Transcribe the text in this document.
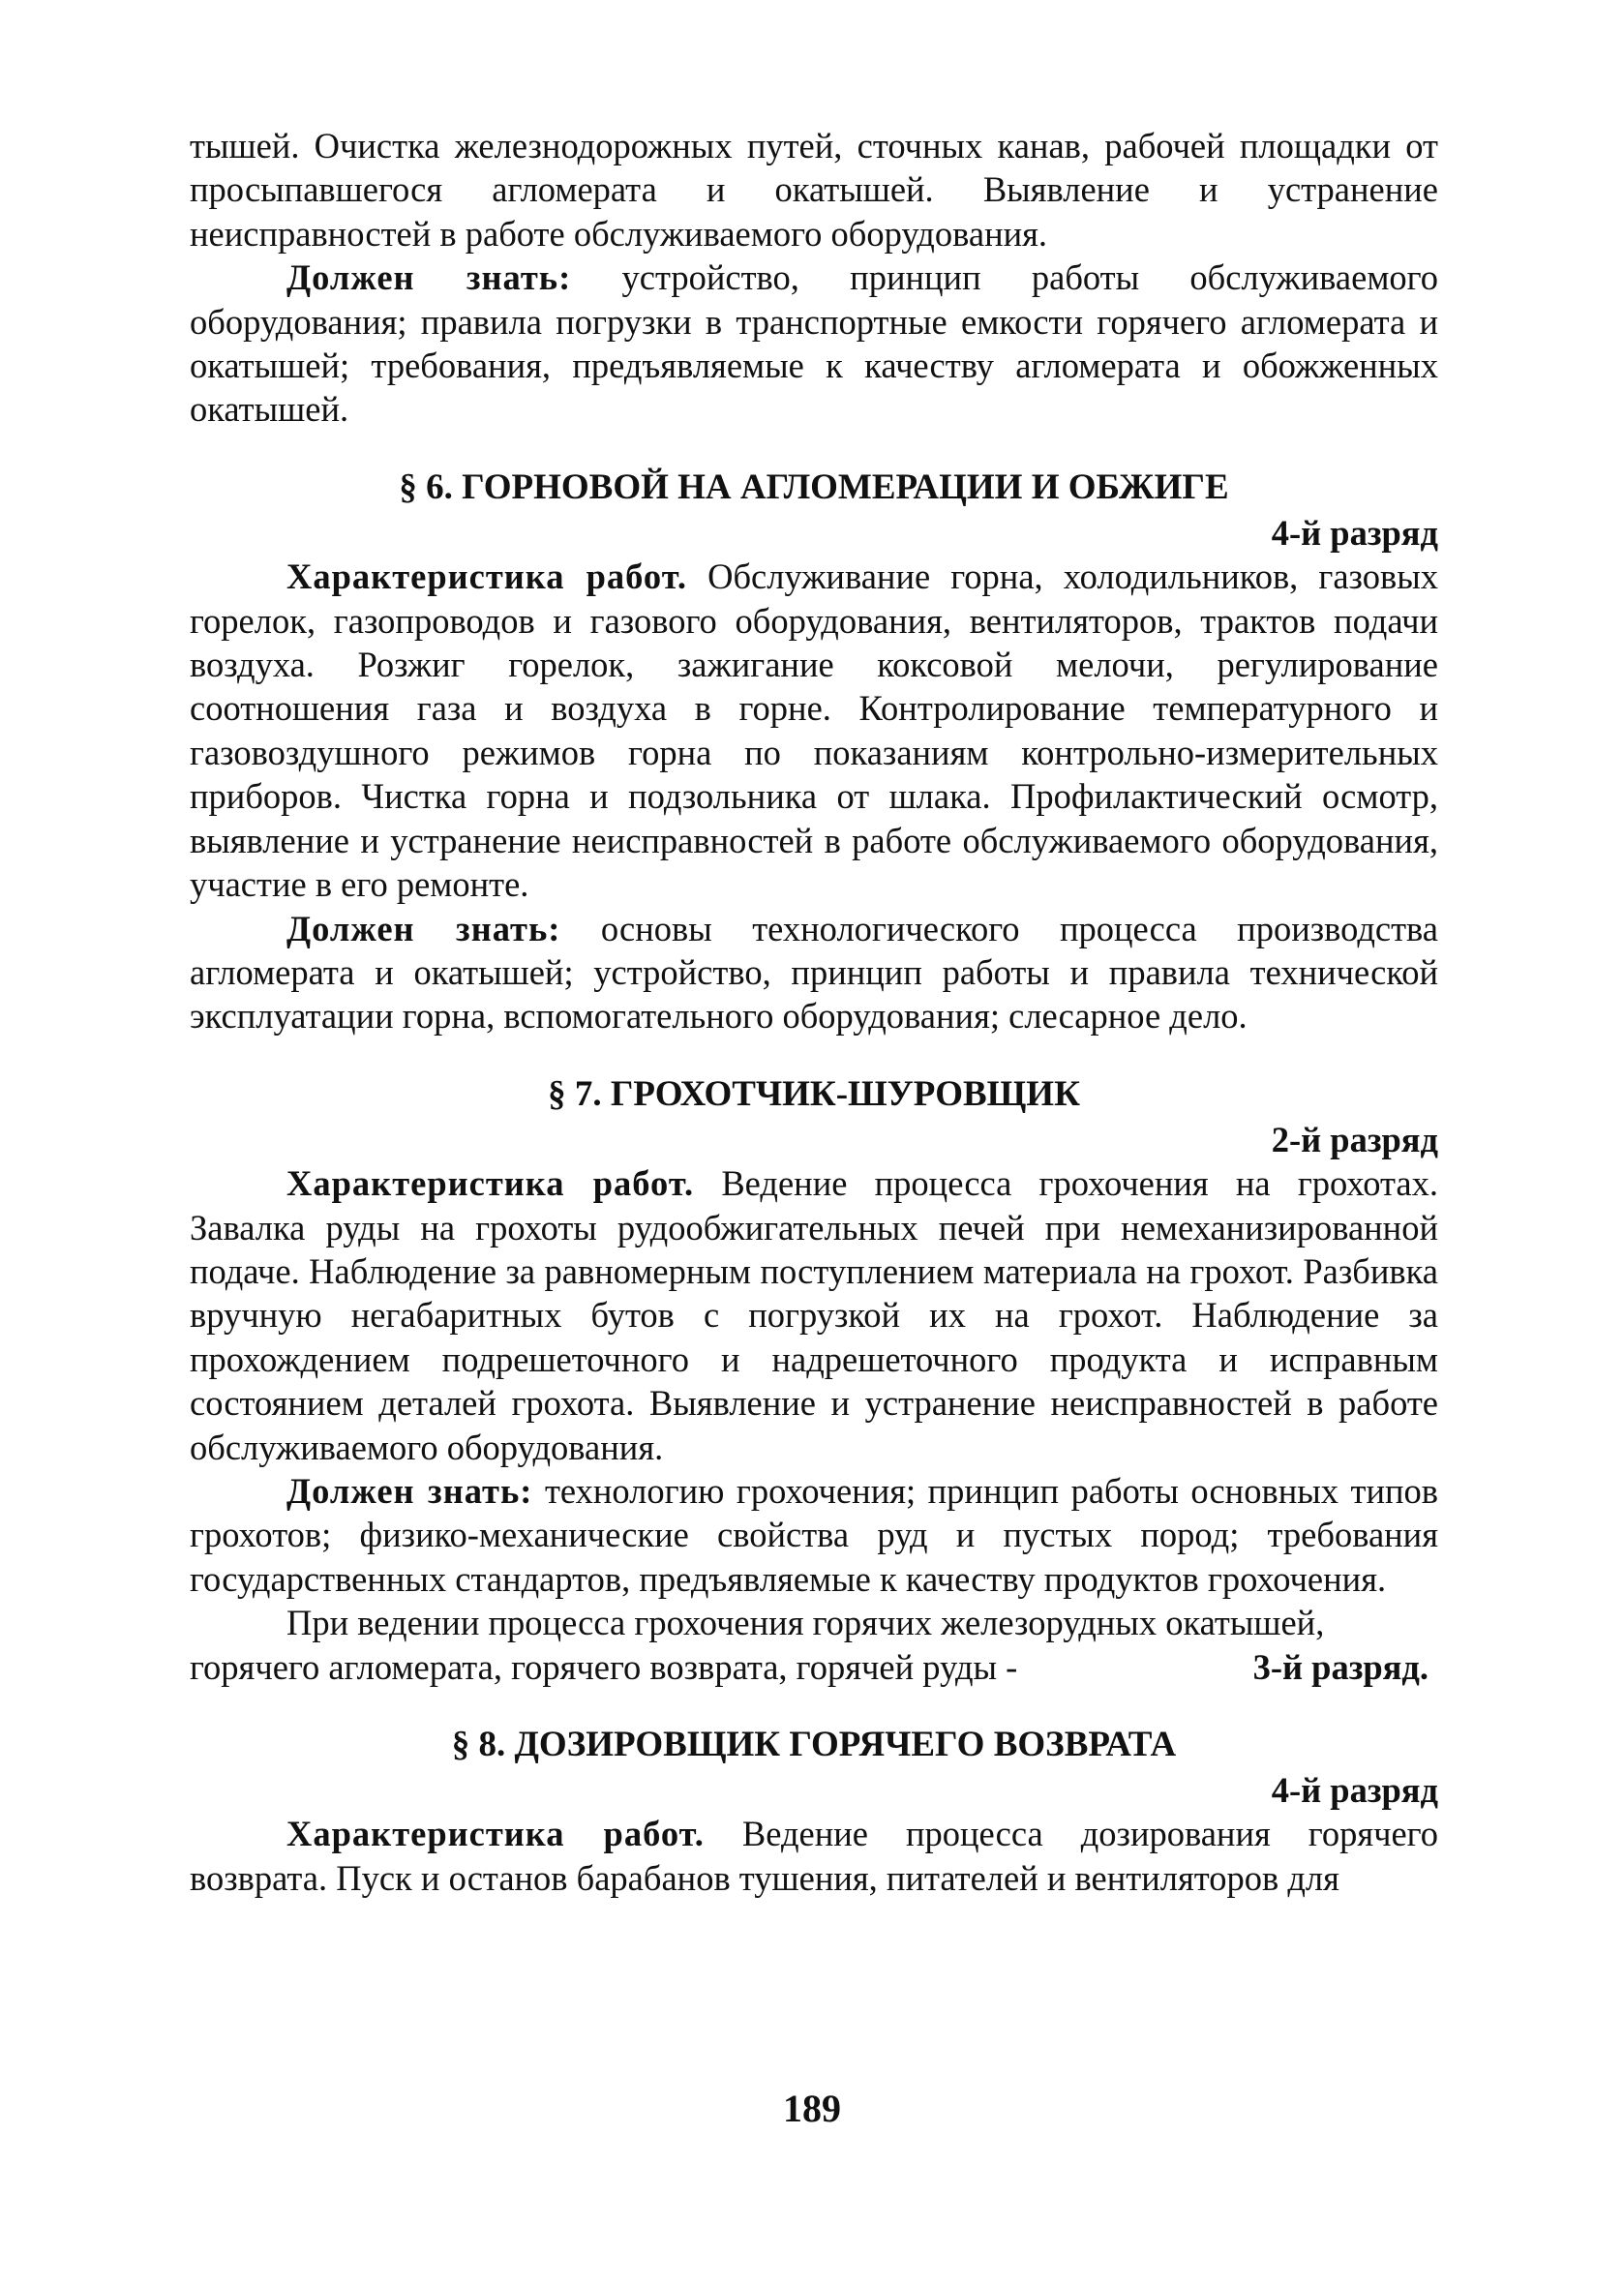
тышей. Очистка железнодорожных путей, сточных канав, рабочей площадки от просыпавшегося агломерата и окатышей. Выявление и устранение неисправностей в работе обслуживаемого оборудования.

Должен знать: устройство, принцип работы обслуживаемого оборудования; правила погрузки в транспортные емкости горячего агломерата и окатышей; требования, предъявляемые к качеству агломерата и обожженных окатышей.

§ 6. ГОРНОВОЙ НА АГЛОМЕРАЦИИ И ОБЖИГЕ

4-й разряд

Характеристика работ. Обслуживание горна, холодильников, газовых горелок, газопроводов и газового оборудования, вентиляторов, трактов подачи воздуха. Розжиг горелок, зажигание коксовой мелочи, регулирование соотношения газа и воздуха в горне. Контролирование температурного и газовоздушного режимов горна по показаниям контрольно-измерительных приборов. Чистка горна и подзольника от шлака. Профилактический осмотр, выявление и устранение неисправностей в работе обслуживаемого оборудования, участие в его ремонте.

Должен знать: основы технологического процесса производства агломерата и окатышей; устройство, принцип работы и правила технической эксплуатации горна, вспомогательного оборудования; слесарное дело.

§ 7. ГРОХОТЧИК-ШУРОВЩИК

2-й разряд

Характеристика работ. Ведение процесса грохочения на грохотах. Завалка руды на грохоты рудообжигательных печей при немеханизированной подаче. Наблюдение за равномерным поступлением материала на грохот. Разбивка вручную негабаритных бутов с погрузкой их на грохот. Наблюдение за прохождением подрешеточного и надрешеточного продукта и исправным состоянием деталей грохота. Выявление и устранение неисправностей в работе обслуживаемого оборудования.

Должен знать: технологию грохочения; принцип работы основных типов грохотов; физико-механические свойства руд и пустых пород; требования государственных стандартов, предъявляемые к качеству продуктов грохочения.

При ведении процесса грохочения горячих железорудных окатышей,

горячего агломерата, горячего возврата, горячей руды -	3-й разряд.
§ 8. ДОЗИРОВЩИК ГОРЯЧЕГО ВОЗВРАТА

4-й разряд

Характеристика работ. Ведение процесса дозирования горячего возврата. Пуск и останов барабанов тушения, питателей и вентиляторов для

189
